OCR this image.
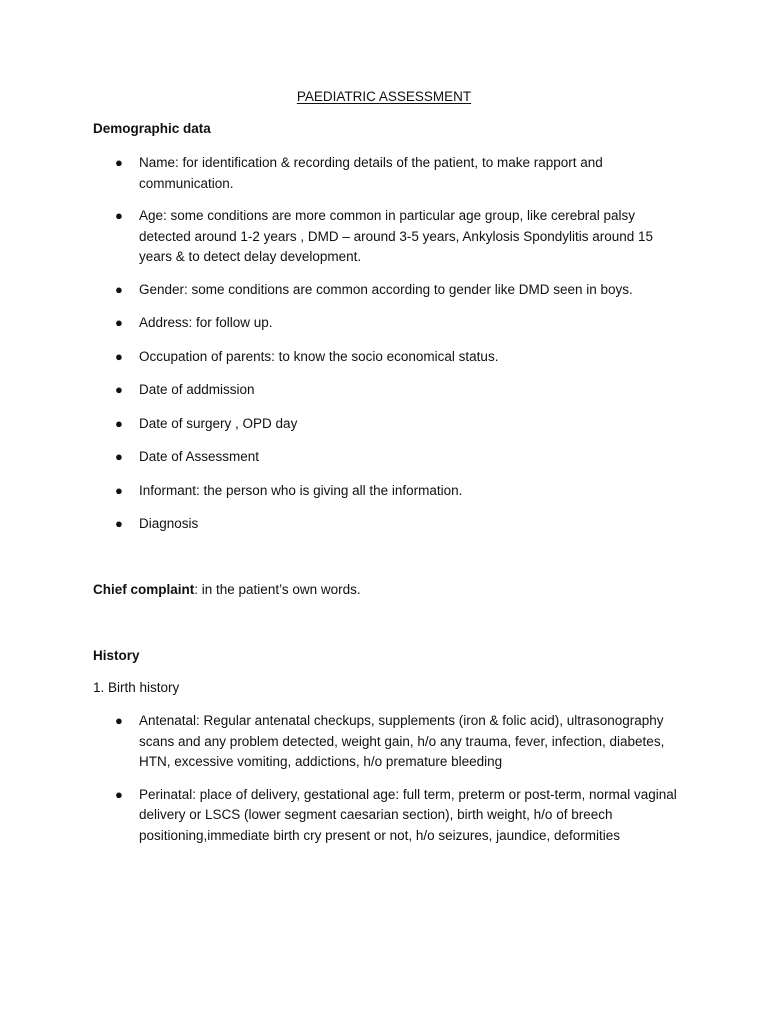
PAEDIATRIC ASSESSMENT
Demographic data
● Name: for identification & recording details of the patient, to make rapport and communication.
● Age: some conditions are more common in particular age group, like cerebral palsy detected around 1-2 years , DMD – around 3-5 years, Ankylosis Spondylitis around 15 years & to detect delay development.
● Gender: some conditions are common according to gender like DMD seen in boys.
● Address: for follow up.
● Occupation of parents: to know the socio economical status.
● Date of addmission
● Date of surgery , OPD day
● Date of Assessment
● Informant: the person who is giving all the information.
● Diagnosis

Chief complaint: in the patient’s own words.

History

1. Birth history

● Antenatal: Regular antenatal checkups, supplements (iron & folic acid), ultrasonography scans and any problem detected, weight gain, h/o any trauma, fever, infection, diabetes, HTN, excessive vomiting, addictions, h/o premature bleeding
● Perinatal: place of delivery, gestational age: full term, preterm or post-term, normal vaginal delivery or LSCS (lower segment caesarian section), birth weight, h/o of breech positioning,immediate birth cry present or not, h/o seizures, jaundice, deformities
